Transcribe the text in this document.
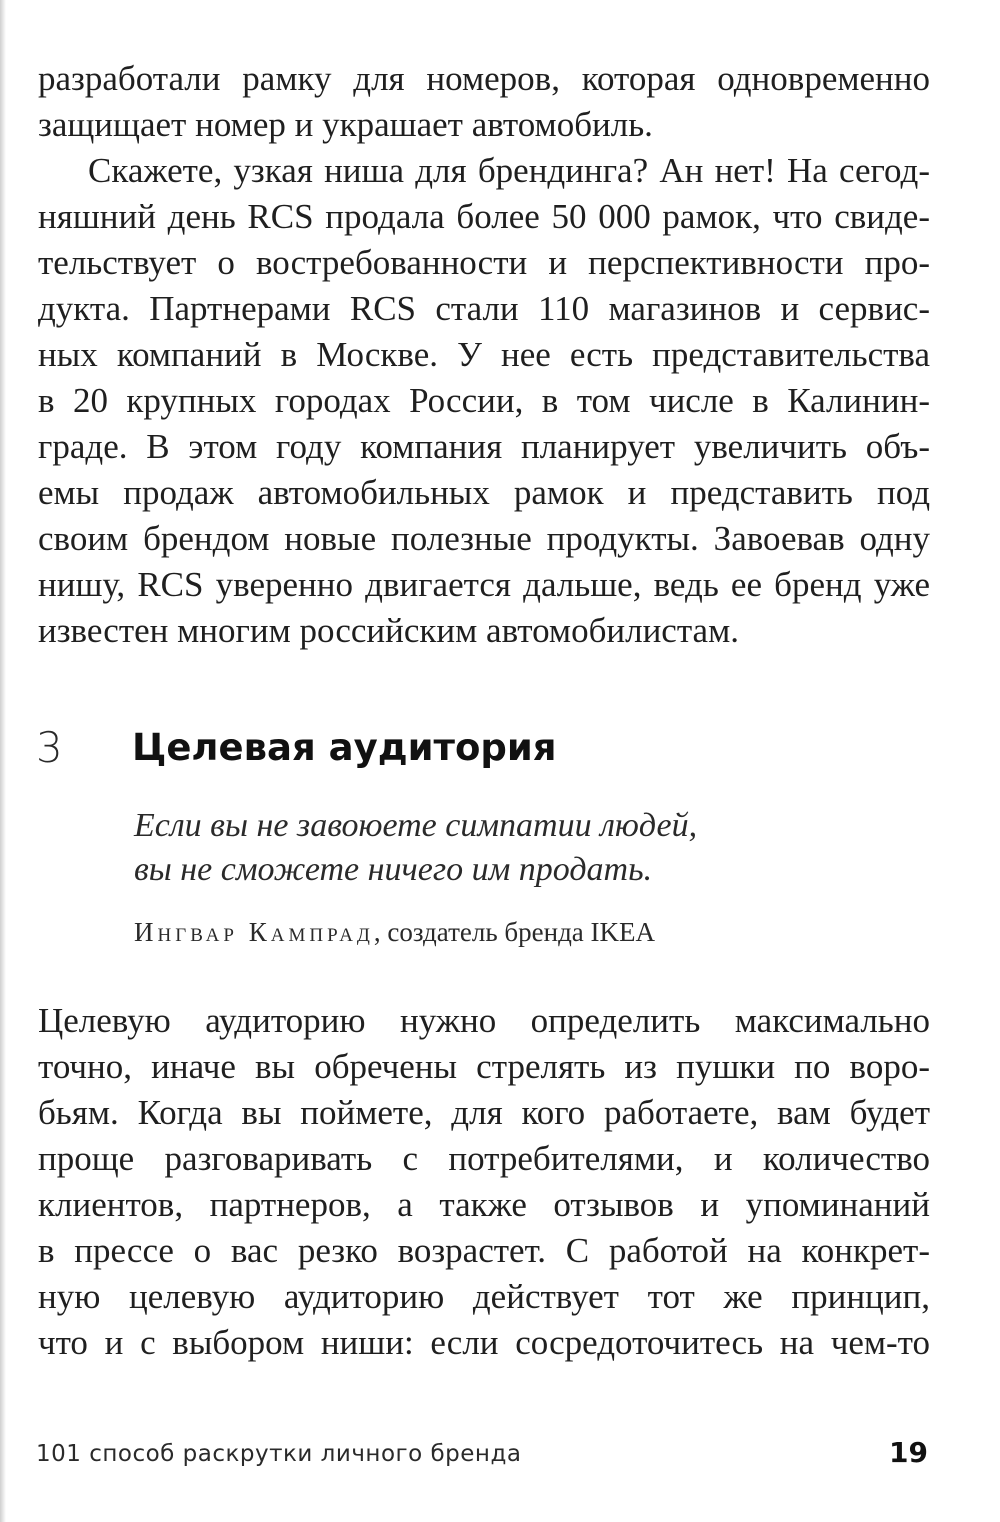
разработали рамку для номеров, которая одновременно
защищает номер и украшает автомобиль.
Скажете, узкая ниша для брендинга? Ан нет! На сегод-
няшний день RCS продала более 50 000 рамок, что свиде-
тельствует о востребованности и перспективности про-
дукта. Партнерами RCS стали 110 магазинов и сервис-
ных компаний в Москве. У нее есть представительства
в 20 крупных городах России, в том числе в Калинин-
граде. В этом году компания планирует увеличить объ-
емы продаж автомобильных рамок и представить под
своим брендом новые полезные продукты. Завоевав одну
нишу, RCS уверенно двигается дальше, ведь ее бренд уже
известен многим российским автомобилистам.
3 Целевая аудитория
Если вы не завоюете симпатии людей,
вы не сможете ничего им продать.
Ингвар Кампрад, создатель бренда IKEA
Целевую аудиторию нужно определить максимально
точно, иначе вы обречены стрелять из пушки по воро-
бьям. Когда вы поймете, для кого работаете, вам будет
проще разговаривать с потребителями, и количество
клиентов, партнеров, а также отзывов и упоминаний
в прессе о вас резко возрастет. С работой на конкрет-
ную целевую аудиторию действует тот же принцип,
что и с выбором ниши: если сосредоточитесь на чем-то
101 способ раскрутки личного бренда	19
